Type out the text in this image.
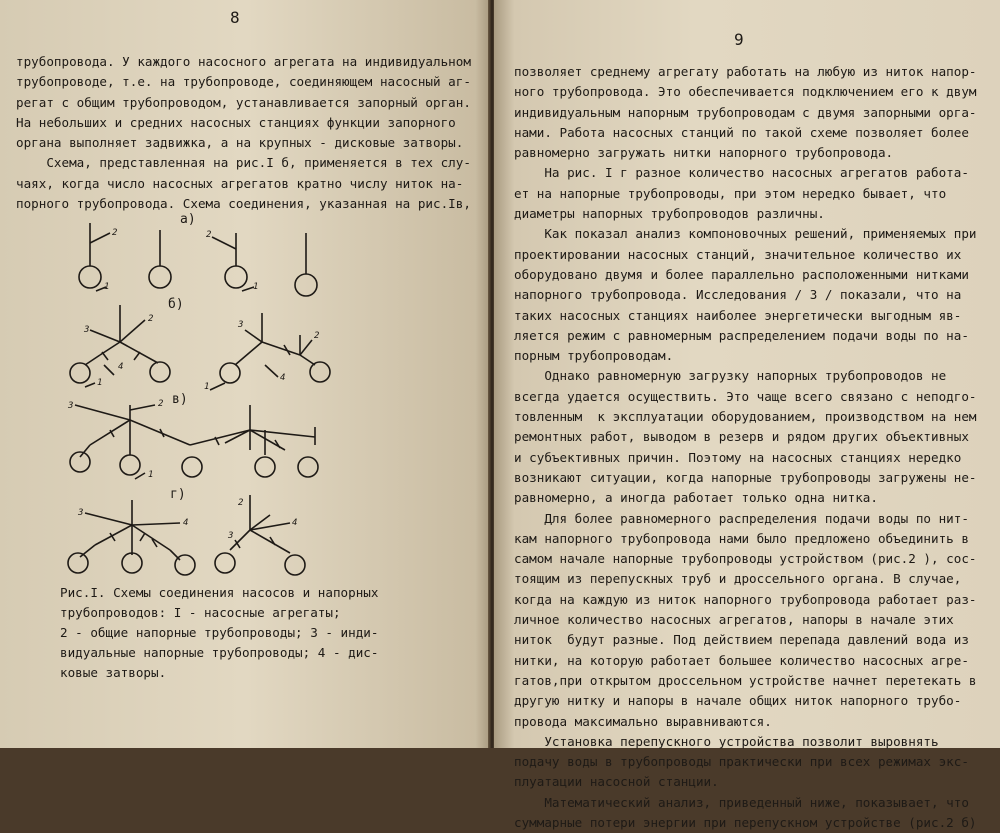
8
трубопровода. У каждого насосного агрегата на индивидуальном
трубопроводе, т.е. на трубопроводе, соединяющем насосный аг-
регат с общим трубопроводом, устанавливается запорный орган.
На небольших и средних насосных станциях функции запорного
органа выполняет задвижка, а на крупных - дисковые затворы.
Схема, представленная на рис.I б, применяется в тех слу-
чаях, когда число насосных агрегатов кратно числу ниток на-
порного трубопровода. Схема соединения, указанная на рис.Iв,
а)
б)
в)
г)
2
1
2
1
2
3
4
1
3
2
1
4
3	2
1
3
4
2
3
4
Рис.I. Схемы соединения насосов и напорных
трубопроводов: I - насосные агрегаты;
2 - общие напорные трубопроводы; 3 - инди-
видуальные напорные трубопроводы; 4 - дис-
ковые затворы.
9
позволяет среднему агрегату работать на любую из ниток напор-
ного трубопровода. Это обеспечивается подключением его к двум
индивидуальным напорным трубопроводам с двумя запорными орга-
нами. Работа насосных станций по такой схеме позволяет более
равномерно загружать нитки напорного трубопровода.
На рис. I г разное количество насосных агрегатов работа-
ет на напорные трубопроводы, при этом нередко бывает, что
диаметры напорных трубопроводов различны.
Как показал анализ компоновочных решений, применяемых при
проектировании насосных станций, значительное количество их
оборудовано двумя и более параллельно расположенными нитками
напорного трубопровода. Исследования / 3 / показали, что на
таких насосных станциях наиболее энергетически выгодным яв-
ляется режим с равномерным распределением подачи воды по на-
порным трубопроводам.
Однако равномерную загрузку напорных трубопроводов не
всегда удается осуществить. Это чаще всего связано с неподго-
товленным  к эксплуатации оборудованием, производством на нем
ремонтных работ, выводом в резерв и рядом других объективных
и субъективных причин. Поэтому на насосных станциях нередко
возникают ситуации, когда напорные трубопроводы загружены не-
равномерно, а иногда работает только одна нитка.
Для более равномерного распределения подачи воды по нит-
кам напорного трубопровода нами было предложено объединить в
самом начале напорные трубопроводы устройством (рис.2 ), сос-
тоящим из перепускных труб и дроссельного органа. В случае,
когда на каждую из ниток напорного трубопровода работает раз-
личное количество насосных агрегатов, напоры в начале этих
ниток  будут разные. Под действием перепада давлений вода из
нитки, на которую работает большее количество насосных агре-
гатов,при открытом дроссельном устройстве начнет перетекать в
другую нитку и напоры в начале общих ниток напорного трубо-
провода максимально выравниваются.
Установка перепускного устройства позволит выровнять
подачу воды в трубопроводы практически при всех режимах экс-
плуатации насосной станции.
Математический анализ, приведенный ниже, показывает, что
суммарные потери энергии при перепускном устройстве (рис.2 б)
